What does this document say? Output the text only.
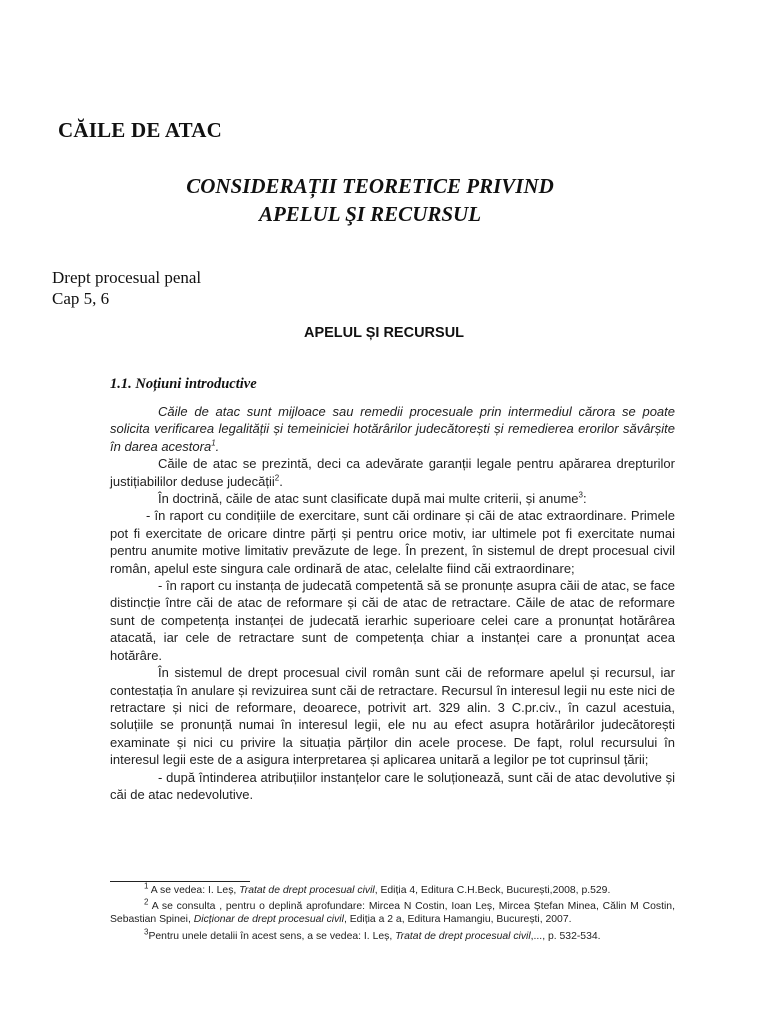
CĂILE DE ATAC
CONSIDERAȚII TEORETICE PRIVIND APELUL ŞI RECURSUL
Drept procesual penal
Cap 5, 6
APELUL ȘI RECURSUL
1.1. Noțiuni introductive

Căile de atac sunt mijloace sau remedii procesuale prin intermediul cărora se poate solicita verificarea legalității și temeiniciei hotărârilor judecătorești și remedierea erorilor săvârșite în darea acestora$^1$.

Căile de atac se prezintă, deci ca adevărate garanții legale pentru apărarea drepturilor justițiabililor deduse judecății$^2$.

În doctrină, căile de atac sunt clasificate după mai multe criterii, și anume$^3$:

- în raport cu condițiile de exercitare, sunt căi ordinare și căi de atac extraordinare. Primele pot fi exercitate de oricare dintre părți și pentru orice motiv, iar ultimele pot fi exercitate numai pentru anumite motive limitativ prevăzute de lege. În prezent, în sistemul de drept procesual civil român, apelul este singura cale ordinară de atac, celelalte fiind căi extraordinare;

- în raport cu instanța de judecată competentă să se pronunțe asupra căii de atac, se face distincție între căi de atac de reformare și căi de atac de retractare. Căile de atac de reformare sunt de competența instanței de judecată ierarhic superioare celei care a pronunțat hotărârea atacată, iar cele de retractare sunt de competența chiar a instanței care a pronunțat acea hotărâre.

În sistemul de drept procesual civil român sunt căi de reformare apelul și recursul, iar contestația în anulare și revizuirea sunt căi de retractare. Recursul în interesul legii nu este nici de retractare și nici de reformare, deoarece, potrivit art. 329 alin. 3 C.pr.civ., în cazul acestuia, soluțiile se pronunță numai în interesul legii, ele nu au efect asupra hotărârilor judecătorești examinate și nici cu privire la situația părților din acele procese. De fapt, rolul recursului în interesul legii este de a asigura interpretarea și aplicarea unitară a legilor pe tot cuprinsul țării;

- după întinderea atribuțiilor instanțelor care le soluționează, sunt căi de atac devolutive și căi de atac nedevolutive.

$^1$ A se vedea: I. Leș, Tratat de drept procesual civil, Ediția 4, Editura C.H.Beck, București,2008, p.529.

$^2$ A se consulta , pentru o deplină aprofundare: Mircea N Costin, Ioan Leș, Mircea Ștefan Minea, Călin M Costin, Sebastian Spinei, Dicționar de drept procesual civil, Ediția a 2 a, Editura Hamangiu, București, 2007.

$^3$Pentru unele detalii în acest sens, a se vedea: I. Leș, Tratat de drept procesual civil,..., p. 532-534.
